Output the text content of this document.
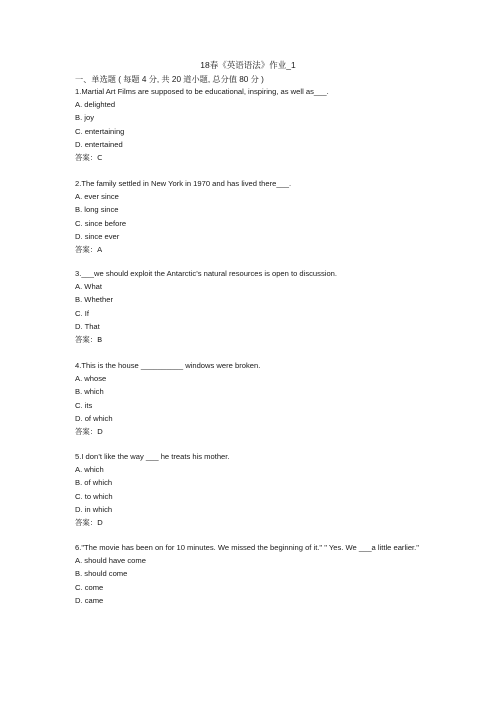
18春《英语语法》作业_1
一、单选题 ( 每题 4 分, 共 20 道小题, 总分值 80 分 )
1.Martial Art Films are supposed to be educational, inspiring, as well as___.
A. delighted
B. joy
C. entertaining
D. entertained
答案：C
2.The family settled in New York in 1970 and has lived there___.
A. ever since
B. long since
C. since before
D. since ever
答案：A
3.___we should exploit the Antarctic’s natural resources is open to discussion.
A. What
B. Whether
C. If
D. That
答案：B
4.This is the house __________ windows were broken.
A. whose
B. which
C. its
D. of which
答案：D
5.I don’t like the way ___ he treats his mother.
A. which
B. of which
C. to which
D. in which
答案：D
6."The movie has been on for 10 minutes. We missed the beginning of it." " Yes. We ___a little earlier."
A. should have come
B. should come
C. come
D. came
